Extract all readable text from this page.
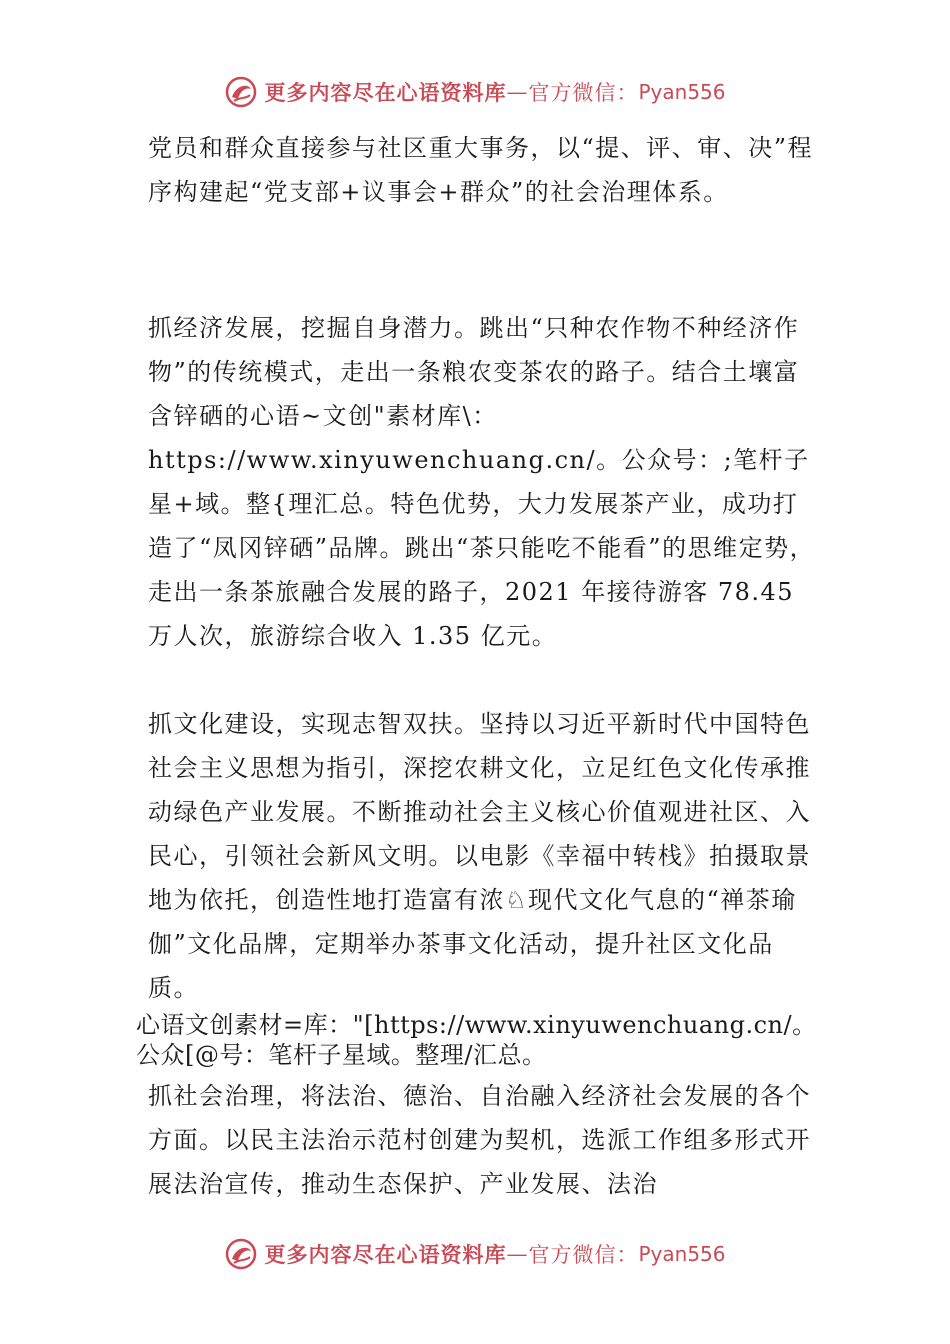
更多内容尽在心语资料库 — 官方微信： Pyan556

党员和群众直接参与社区重大事务，以“提、评、审、决”程序构建起“党支部+议事会+群众”的社会治理体系。

抓经济发展，挖掘自身潜力。跳出“只种农作物不种经济作物”的传统模式，走出一条粮农变茶农的路子。结合土壤富含锌硒的心语~文创"素材库\：https://www.xinyuwenchuang.cn/。公众号：;笔杆子星+域。整{理汇总。特色优势，大力发展茶产业，成功打造了“凤冈锌硒”品牌。跳出“茶只能吃不能看”的思维定势，走出一条茶旅融合发展的路子，2021 年接待游客 78.45 万人次，旅游综合收入 1.35 亿元。

抓文化建设，实现志智双扶。坚持以习近平新时代中国特色社会主义思想为指引，深挖农耕文化，立足红色文化传承推动绿色产业发展。不断推动社会主义核心价值观进社区、入民心，引领社会新风文明。以电影《幸福中转栈》拍摄取景地为依托，创造性地打造富有浓♘现代文化气息的“禅茶瑜伽”文化品牌，定期举办茶事文化活动，提升社区文化品质。

心语文创素材=库："[https://www.xinyuwenchuang.cn/。公众[@号：笔杆子星域。整理/汇总。

抓社会治理，将法治、德治、自治融入经济社会发展的各个方面。以民主法治示范村创建为契机，选派工作组多形式开展法治宣传，推动生态保护、产业发展、法治

更多内容尽在心语资料库 — 官方微信： Pyan556
